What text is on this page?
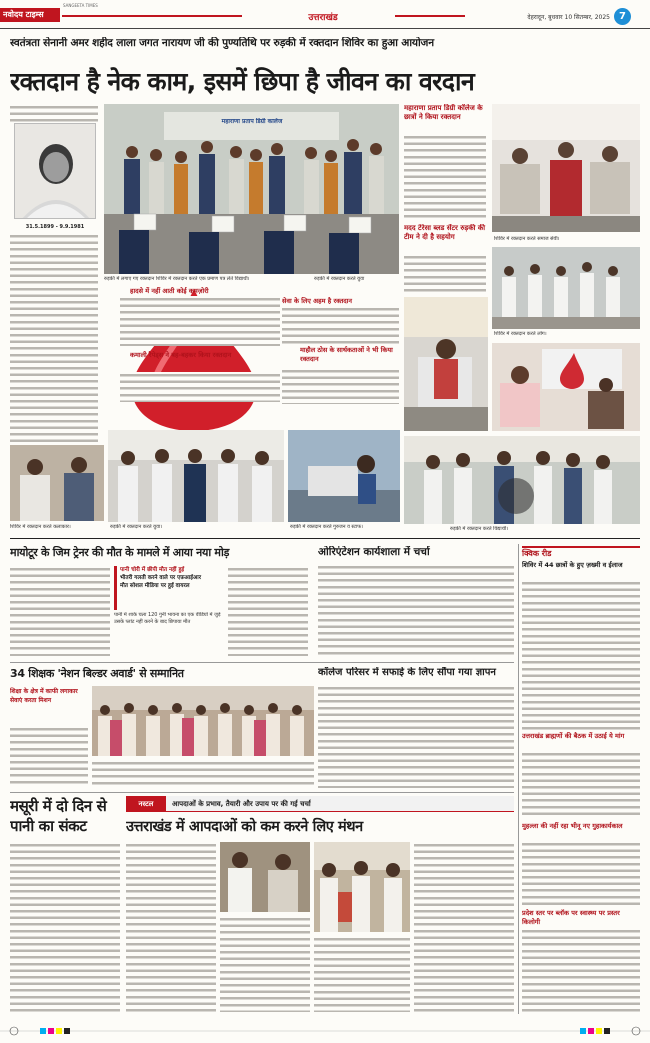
नवोदय टाइम्स
SANGEETA TIMES
उत्तराखंड	देहरादून, बुधवार 10 सितम्बर, 2025 7
स्वतंत्रता सेनानी अमर शहीद लाला जगत नारायण जी की पुण्यतिथि पर रुड़की में रक्तदान शिविर का हुआ आयोजन
रक्तदान है नेक काम, इसमें छिपा है जीवन का वरदान
31.5.1899 - 9.9.1981
महाराणा प्रताप डिग्री कालेज
रुड़की में लगाए गए रक्तदान शिविर में रक्तदान करते एक प्रमाण पत्र लेते विद्यार्थी।	रुड़की में रक्तदान करते युवा
हादसे में नहीं आती कोई कमज़ोरी
कमाली रैपेड्स ने बह-बहकर किया रक्तदान
सेवा के लिए अहम है रक्तदान
माहौल ठोस के सार्थकताओं ने भी किया रक्तदान
महाराणा प्रताप डिग्री कॉलेज के छात्रों ने किया रक्तदान
मदद टेरेसा ब्लड सेंटर रुड़की की टीम ने दी है सहयोग	शिविर में रक्तदान करते समाज सेवी।
शिविर में रक्तदान करते लोग।
शिविर में रक्तदान करते कलाकार।	रुड़की में रक्तदान करते युवा।	रुड़की में रक्तदान करते गुरुजन व स्टाफ।	रुड़की में रक्तदान करते विद्यार्थी।
मायोटूर के जिम ट्रेनर की मौत के मामले में आया नया मोड़
पानी चोरी में छीपी मौत नहीं हुई
भीतरी गलती करने वाले पर एफ़आईआर
मौत सोशल मीडिया पर हुई वायरल
पानी में शार्क चला 120 गुनी भावना का एक वीडियो में जुड़े उसके प्लांट नहीं करने के बाद छिपाया मौत
ओरिएंटेशन कार्यशाला में चर्चा	क्विक रीड
शिविर में 44 छात्रों के हुए ज़ख्मी व ईलाज
उत्तराखंड ब्राह्मणों की बैठक में उठाई ये मांग
मुहल्ला की नहीं रहा भीनू नए गुहाकार्यकाल
प्रदेश स्तर पर ब्लॉक पर स्वास्थ्य पर प्रस्तर किलोगी
34 शिक्षक 'नेशन बिल्डर अवार्ड' से सम्मानित
शिक्षा के क्षेत्र में काफी लगाकार सेवाएं करता मिशन
कॉलेज परिसर में सफाई के लिए सौंपा गया ज्ञापन
मसूरी में दो दिन से पानी का संकट
नस्टल	आपदाओं के प्रभाव, तैयारी और उपाय पर की गई चर्चा
उत्तराखंड में आपदाओं को कम करने लिए मंथन
